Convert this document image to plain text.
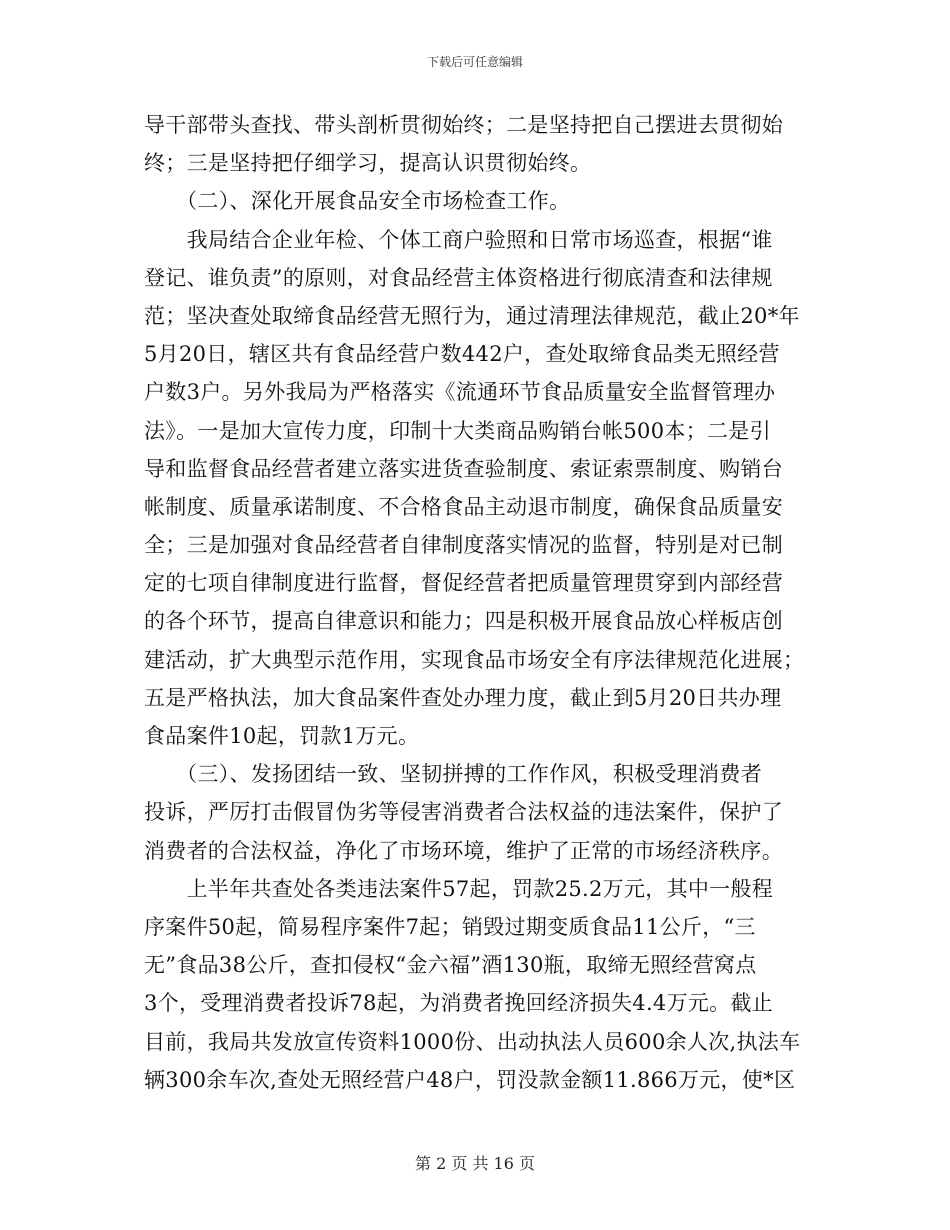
下载后可任意编辑
导干部带头查找、带头剖析贯彻始终；二是坚持把自己摆进去贯彻始
终；三是坚持把仔细学习，提高认识贯彻始终。
　　（二）、深化开展食品安全市场检查工作。
　　我局结合企业年检、个体工商户验照和日常市场巡查，根据“谁
登记、谁负责”的原则，对食品经营主体资格进行彻底清查和法律规
范；坚决查处取缔食品经营无照行为，通过清理法律规范，截止20*年
5月20日，辖区共有食品经营户数442户，查处取缔食品类无照经营
户数3户。另外我局为严格落实《流通环节食品质量安全监督管理办
法》。一是加大宣传力度，印制十大类商品购销台帐500本；二是引
导和监督食品经营者建立落实进货查验制度、索证索票制度、购销台
帐制度、质量承诺制度、不合格食品主动退市制度，确保食品质量安
全；三是加强对食品经营者自律制度落实情况的监督，特别是对已制
定的七项自律制度进行监督，督促经营者把质量管理贯穿到内部经营
的各个环节，提高自律意识和能力；四是积极开展食品放心样板店创
建活动，扩大典型示范作用，实现食品市场安全有序法律规范化进展；
五是严格执法，加大食品案件查处办理力度，截止到5月20日共办理
食品案件10起，罚款1万元。
　　（三）、发扬团结一致、坚韧拼搏的工作作风，积极受理消费者
投诉，严厉打击假冒伪劣等侵害消费者合法权益的违法案件，保护了
消费者的合法权益，净化了市场环境，维护了正常的市场经济秩序。
　　上半年共查处各类违法案件57起，罚款25.2万元，其中一般程
序案件50起，简易程序案件7起；销毁过期变质食品11公斤，“三
无”食品38公斤，查扣侵权“金六福”酒130瓶，取缔无照经营窝点
3个，受理消费者投诉78起，为消费者挽回经济损失4.4万元。截止
目前，我局共发放宣传资料1000份、出动执法人员600余人次,执法车
辆300余车次,查处无照经营户48户，罚没款金额11.866万元，使*区
第 2 页 共 16 页
